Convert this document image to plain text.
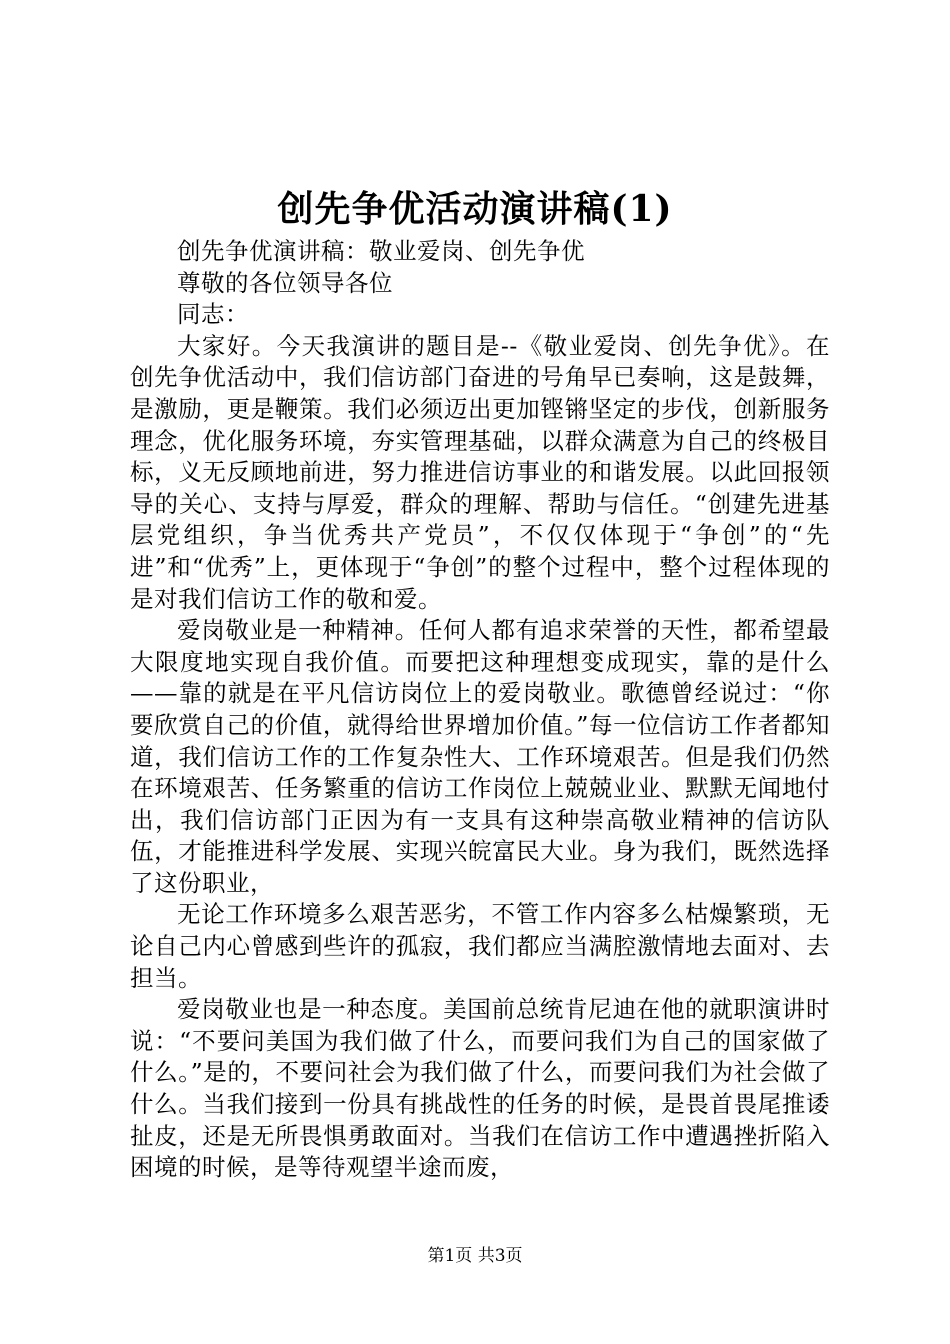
创先争优活动演讲稿(1)

创先争优演讲稿：敬业爱岗、创先争优

尊敬的各位领导各位

同志：

大家好。今天我演讲的题目是--《敬业爱岗、创先争优》。在创先争优活动中，我们信访部门奋进的号角早已奏响，这是鼓舞，是激励，更是鞭策。我们必须迈出更加铿锵坚定的步伐，创新服务理念，优化服务环境，夯实管理基础，以群众满意为自己的终极目标，义无反顾地前进，努力推进信访事业的和谐发展。以此回报领导的关心、支持与厚爱，群众的理解、帮助与信任。“创建先进基层党组织，争当优秀共产党员”，不仅仅体现于“争创”的“先进”和“优秀”上，更体现于“争创”的整个过程中，整个过程体现的是对我们信访工作的敬和爱。

爱岗敬业是一种精神。任何人都有追求荣誉的天性，都希望最大限度地实现自我价值。而要把这种理想变成现实，靠的是什么——靠的就是在平凡信访岗位上的爱岗敬业。歌德曾经说过：“你要欣赏自己的价值，就得给世界增加价值。”每一位信访工作者都知道，我们信访工作的工作复杂性大、工作环境艰苦。但是我们仍然在环境艰苦、任务繁重的信访工作岗位上兢兢业业、默默无闻地付出，我们信访部门正因为有一支具有这种崇高敬业精神的信访队伍，才能推进科学发展、实现兴皖富民大业。身为我们，既然选择了这份职业，

无论工作环境多么艰苦恶劣，不管工作内容多么枯燥繁琐，无论自己内心曾感到些许的孤寂，我们都应当满腔激情地去面对、去担当。

爱岗敬业也是一种态度。美国前总统肯尼迪在他的就职演讲时说：“不要问美国为我们做了什么，而要问我们为自己的国家做了什么。”是的，不要问社会为我们做了什么，而要问我们为社会做了什么。当我们接到一份具有挑战性的任务的时候，是畏首畏尾推诿扯皮，还是无所畏惧勇敢面对。当我们在信访工作中遭遇挫折陷入困境的时候，是等待观望半途而废，

第1页 共3页
